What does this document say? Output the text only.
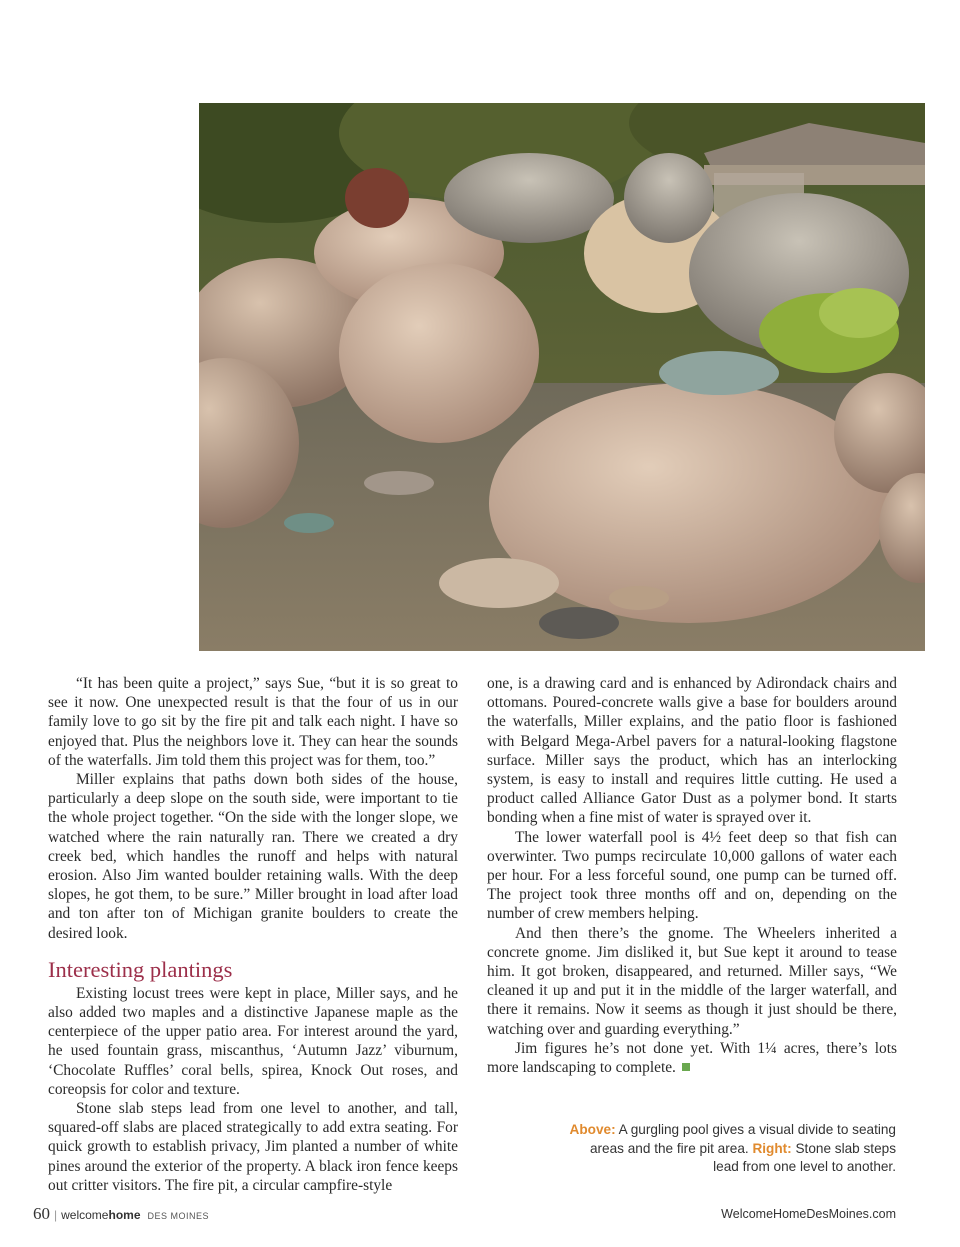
“It has been quite a project,” says Sue, “but it is so great to see it now. One unexpected result is that the four of us in our family love to go sit by the fire pit and talk each night. I have so enjoyed that. Plus the neighbors love it. They can hear the sounds of the waterfalls. Jim told them this project was for them, too.”

Miller explains that paths down both sides of the house, particularly a deep slope on the south side, were important to tie the whole project together. “On the side with the longer slope, we watched where the rain naturally ran. There we created a dry creek bed, which handles the runoff and helps with natural erosion. Also Jim wanted boulder retaining walls. With the deep slopes, he got them, to be sure.” Miller brought in load after load and ton after ton of Michigan granite boulders to create the desired look.

Interesting plantings

Existing locust trees were kept in place, Miller says, and he also added two maples and a distinctive Japanese maple as the centerpiece of the upper patio area. For interest around the yard, he used fountain grass, miscanthus, ‘Autumn Jazz’ viburnum, ‘Chocolate Ruffles’ coral bells, spirea, Knock Out roses, and coreopsis for color and texture.

Stone slab steps lead from one level to another, and tall, squared-off slabs are placed strategically to add extra seating. For quick growth to establish privacy, Jim planted a number of white pines around the exterior of the property. A black iron fence keeps out critter visitors. The fire pit, a circular campfire-style

one, is a drawing card and is enhanced by Adirondack chairs and ottomans. Poured-concrete walls give a base for boulders around the waterfalls, Miller explains, and the patio floor is fashioned with Belgard Mega-Arbel pavers for a natural-looking flagstone surface. Miller says the product, which has an interlocking system, is easy to install and requires little cutting. He used a product called Alliance Gator Dust as a polymer bond. It starts bonding when a fine mist of water is sprayed over it.

The lower waterfall pool is 4½ feet deep so that fish can overwinter. Two pumps recirculate 10,000 gallons of water each per hour. For a less forceful sound, one pump can be turned off. The project took three months off and on, depending on the number of crew members helping.

And then there’s the gnome. The Wheelers inherited a concrete gnome. Jim disliked it, but Sue kept it around to tease him. It got broken, disappeared, and returned. Miller says, “We cleaned it up and put it in the middle of the larger waterfall, and there it remains. Now it seems as though it just should be there, watching over and guarding everything.”

Jim figures he’s not done yet. With 1¼ acres, there’s lots more landscaping to complete.

Above: A gurgling pool gives a visual divide to seating areas and the fire pit area. Right: Stone slab steps lead from one level to another.
60 | welcomehome DES MOINES	WelcomeHomeDesMoines.com
